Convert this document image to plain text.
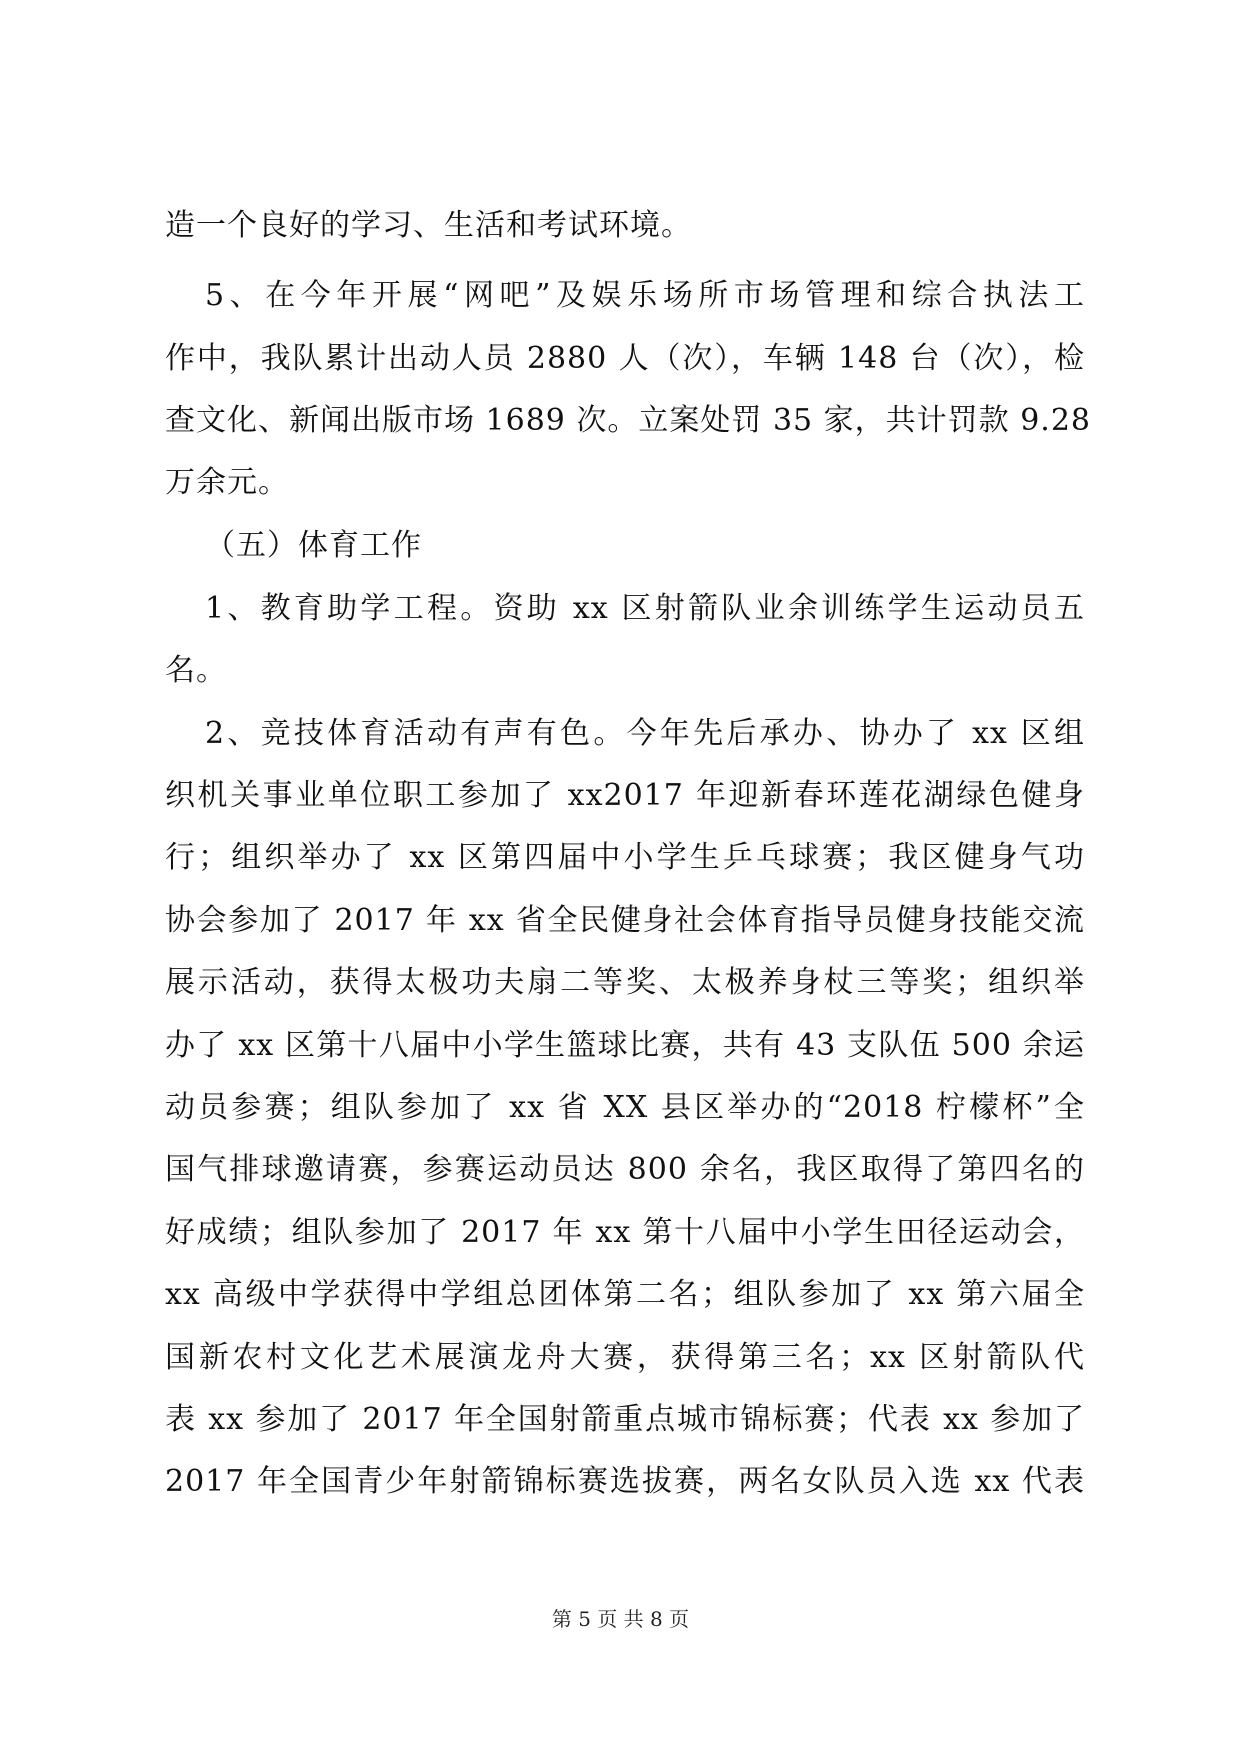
造一个良好的学习、生活和考试环境。
5、在今年开展“网吧”及娱乐场所市场管理和综合执法工
作中，我队累计出动人员 2880 人（次），车辆 148 台（次），检
查文化、新闻出版市场 1689 次。立案处罚 35 家，共计罚款 9.28
万余元。
（五）体育工作
1、教育助学工程。资助 xx 区射箭队业余训练学生运动员五
名。
2、竞技体育活动有声有色。今年先后承办、协办了 xx 区组
织机关事业单位职工参加了 xx2017 年迎新春环莲花湖绿色健身
行；组织举办了 xx 区第四届中小学生乒乓球赛；我区健身气功
协会参加了 2017 年 xx 省全民健身社会体育指导员健身技能交流
展示活动，获得太极功夫扇二等奖、太极养身杖三等奖；组织举
办了 xx 区第十八届中小学生篮球比赛，共有 43 支队伍 500 余运
动员参赛；组队参加了 xx 省 XX 县区举办的“2018 柠檬杯”全
国气排球邀请赛，参赛运动员达 800 余名，我区取得了第四名的
好成绩；组队参加了 2017 年 xx 第十八届中小学生田径运动会，
xx 高级中学获得中学组总团体第二名；组队参加了 xx 第六届全
国新农村文化艺术展演龙舟大赛，获得第三名；xx 区射箭队代
表 xx 参加了 2017 年全国射箭重点城市锦标赛；代表 xx 参加了
2017 年全国青少年射箭锦标赛选拔赛，两名女队员入选 xx 代表
第 5 页 共 8 页
